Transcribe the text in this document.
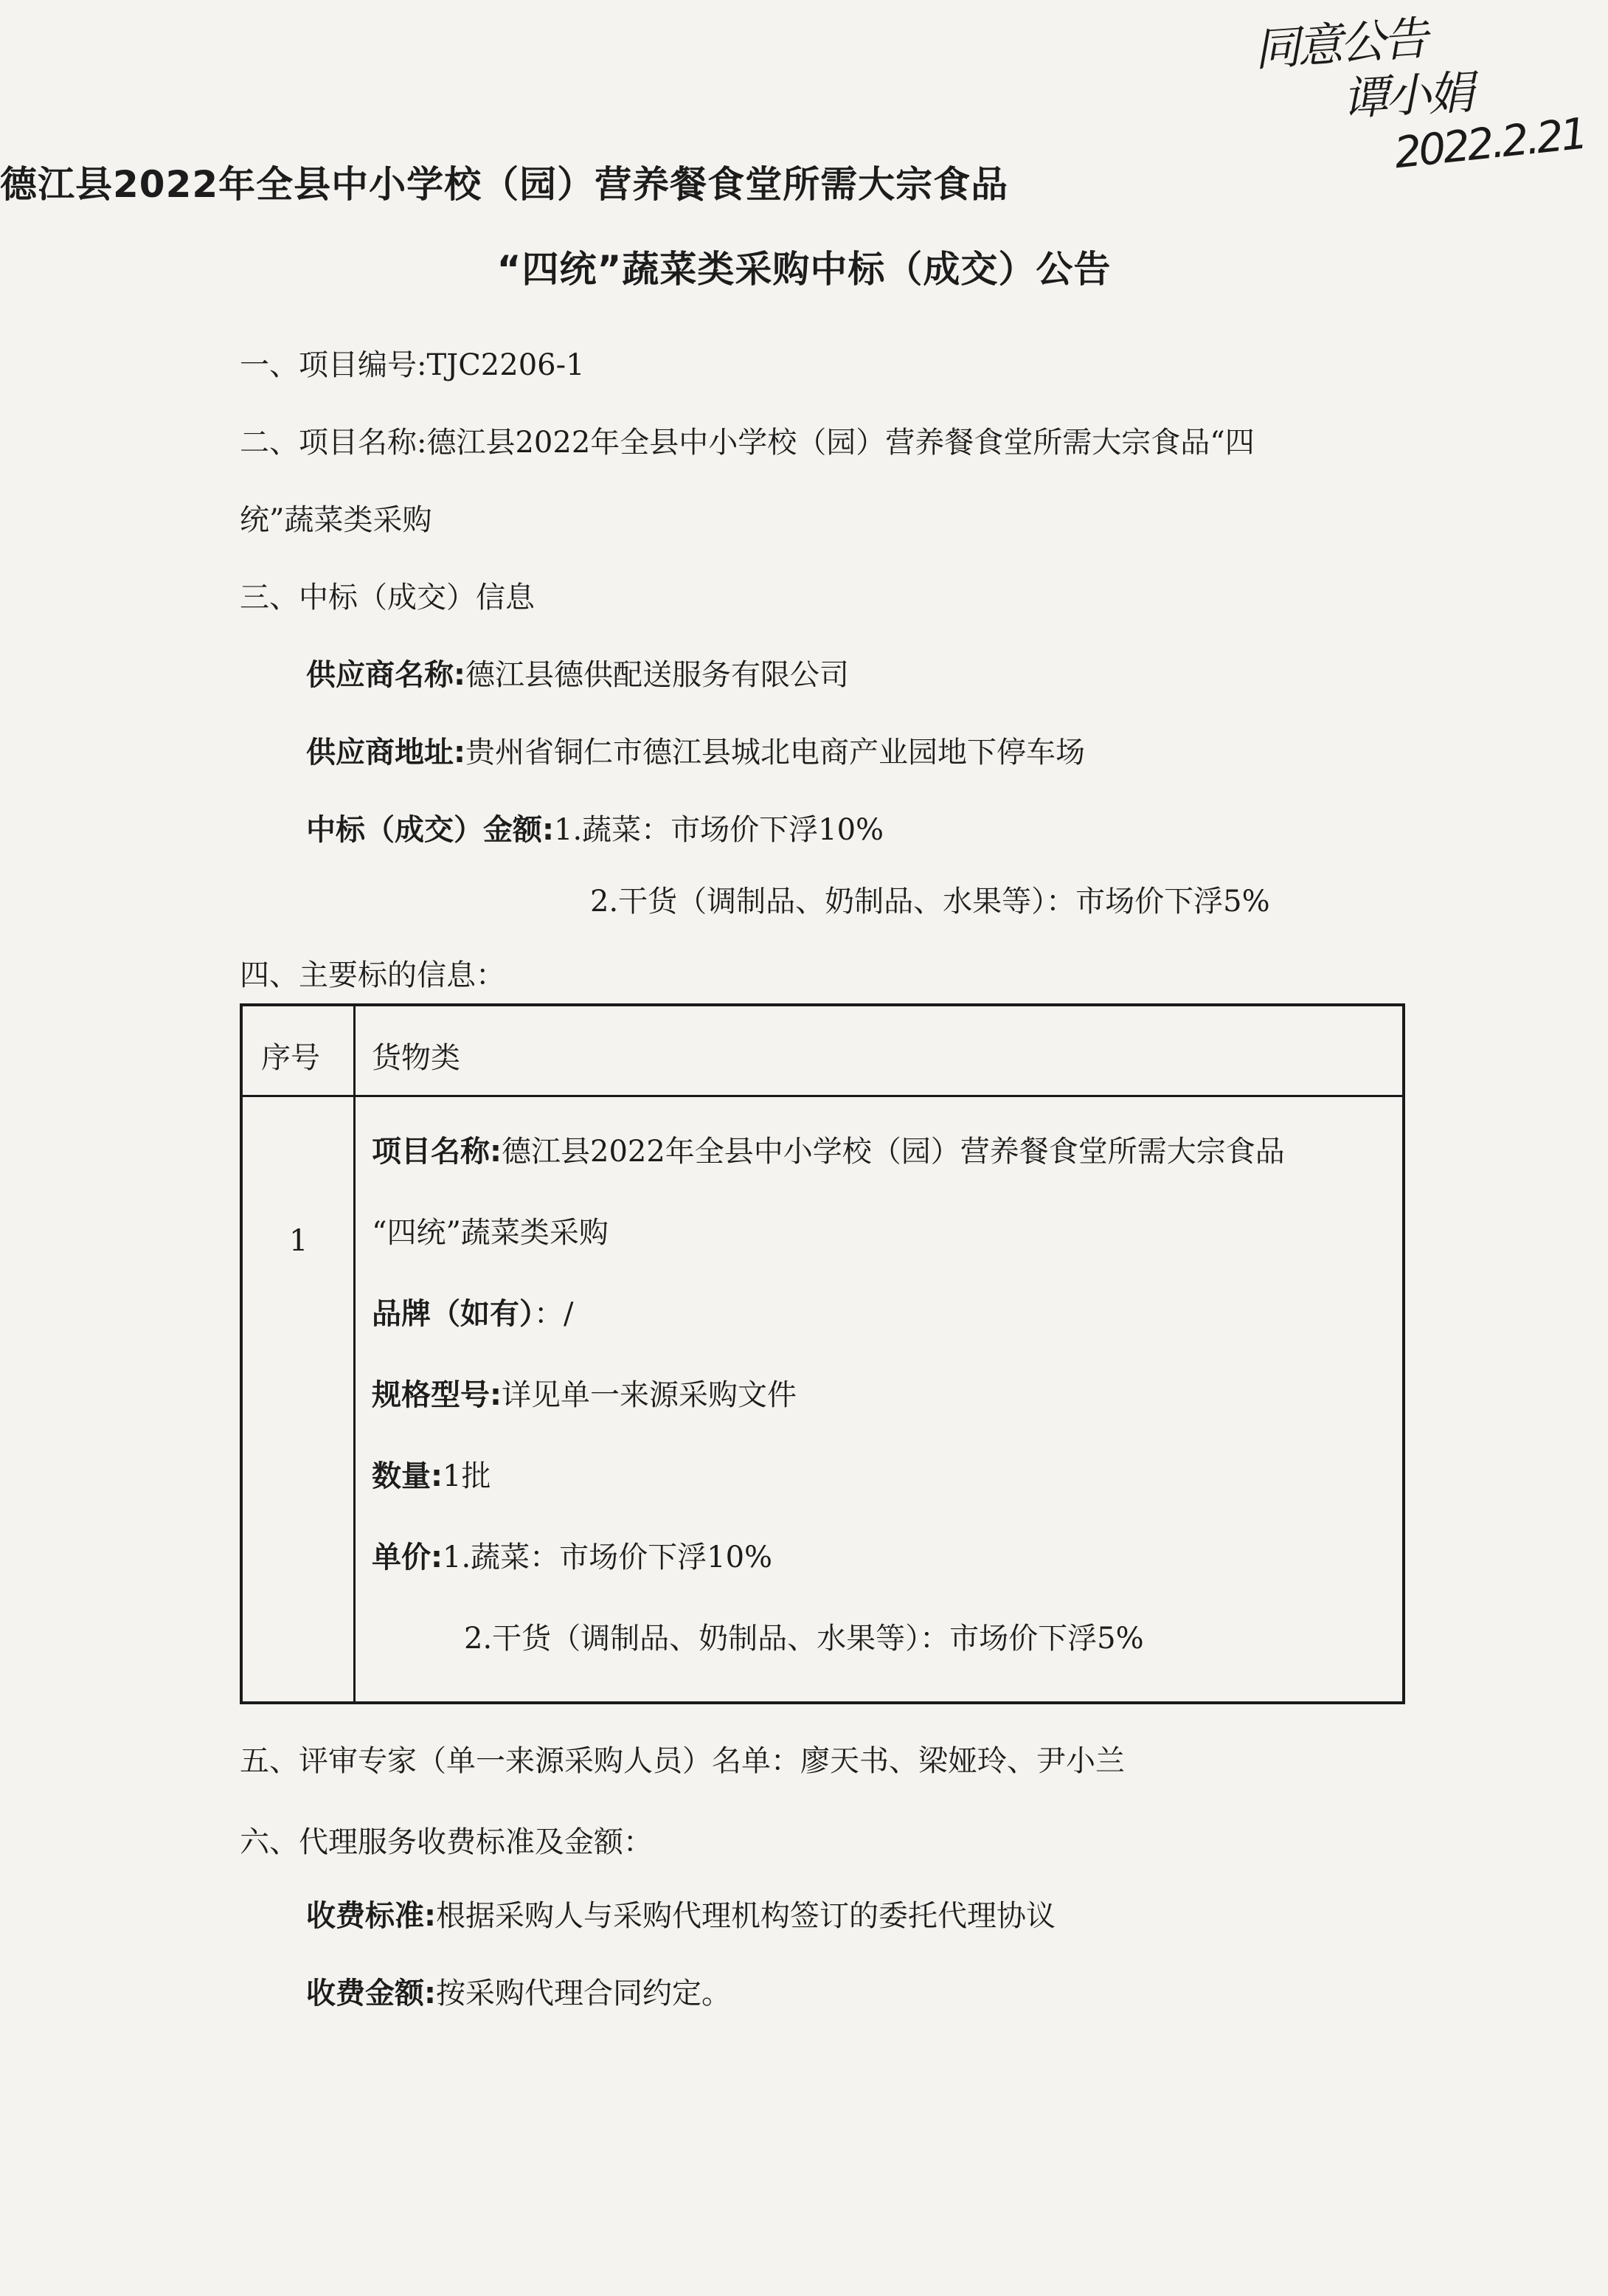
同意公告
谭小娟
2022.2.21
德江县2022年全县中小学校（园）营养餐食堂所需大宗食品
“四统”蔬菜类采购中标（成交）公告
一、项目编号:TJC2206-1
二、项目名称:德江县2022年全县中小学校（园）营养餐食堂所需大宗食品“四
统”蔬菜类采购
三、中标（成交）信息
供应商名称:德江县德供配送服务有限公司
供应商地址:贵州省铜仁市德江县城北电商产业园地下停车场
中标（成交）金额:1.蔬菜：市场价下浮10%
2.干货（调制品、奶制品、水果等）：市场价下浮5%
四、主要标的信息：
序号 货物类
1
项目名称:德江县2022年全县中小学校（园）营养餐食堂所需大宗食品
“四统”蔬菜类采购
品牌（如有）：/
规格型号:详见单一来源采购文件
数量:1批
单价:1.蔬菜：市场价下浮10%
2.干货（调制品、奶制品、水果等）：市场价下浮5%
五、评审专家（单一来源采购人员）名单：廖天书、梁娅玲、尹小兰
六、代理服务收费标准及金额：
收费标准:根据采购人与采购代理机构签订的委托代理协议
收费金额:按采购代理合同约定。
